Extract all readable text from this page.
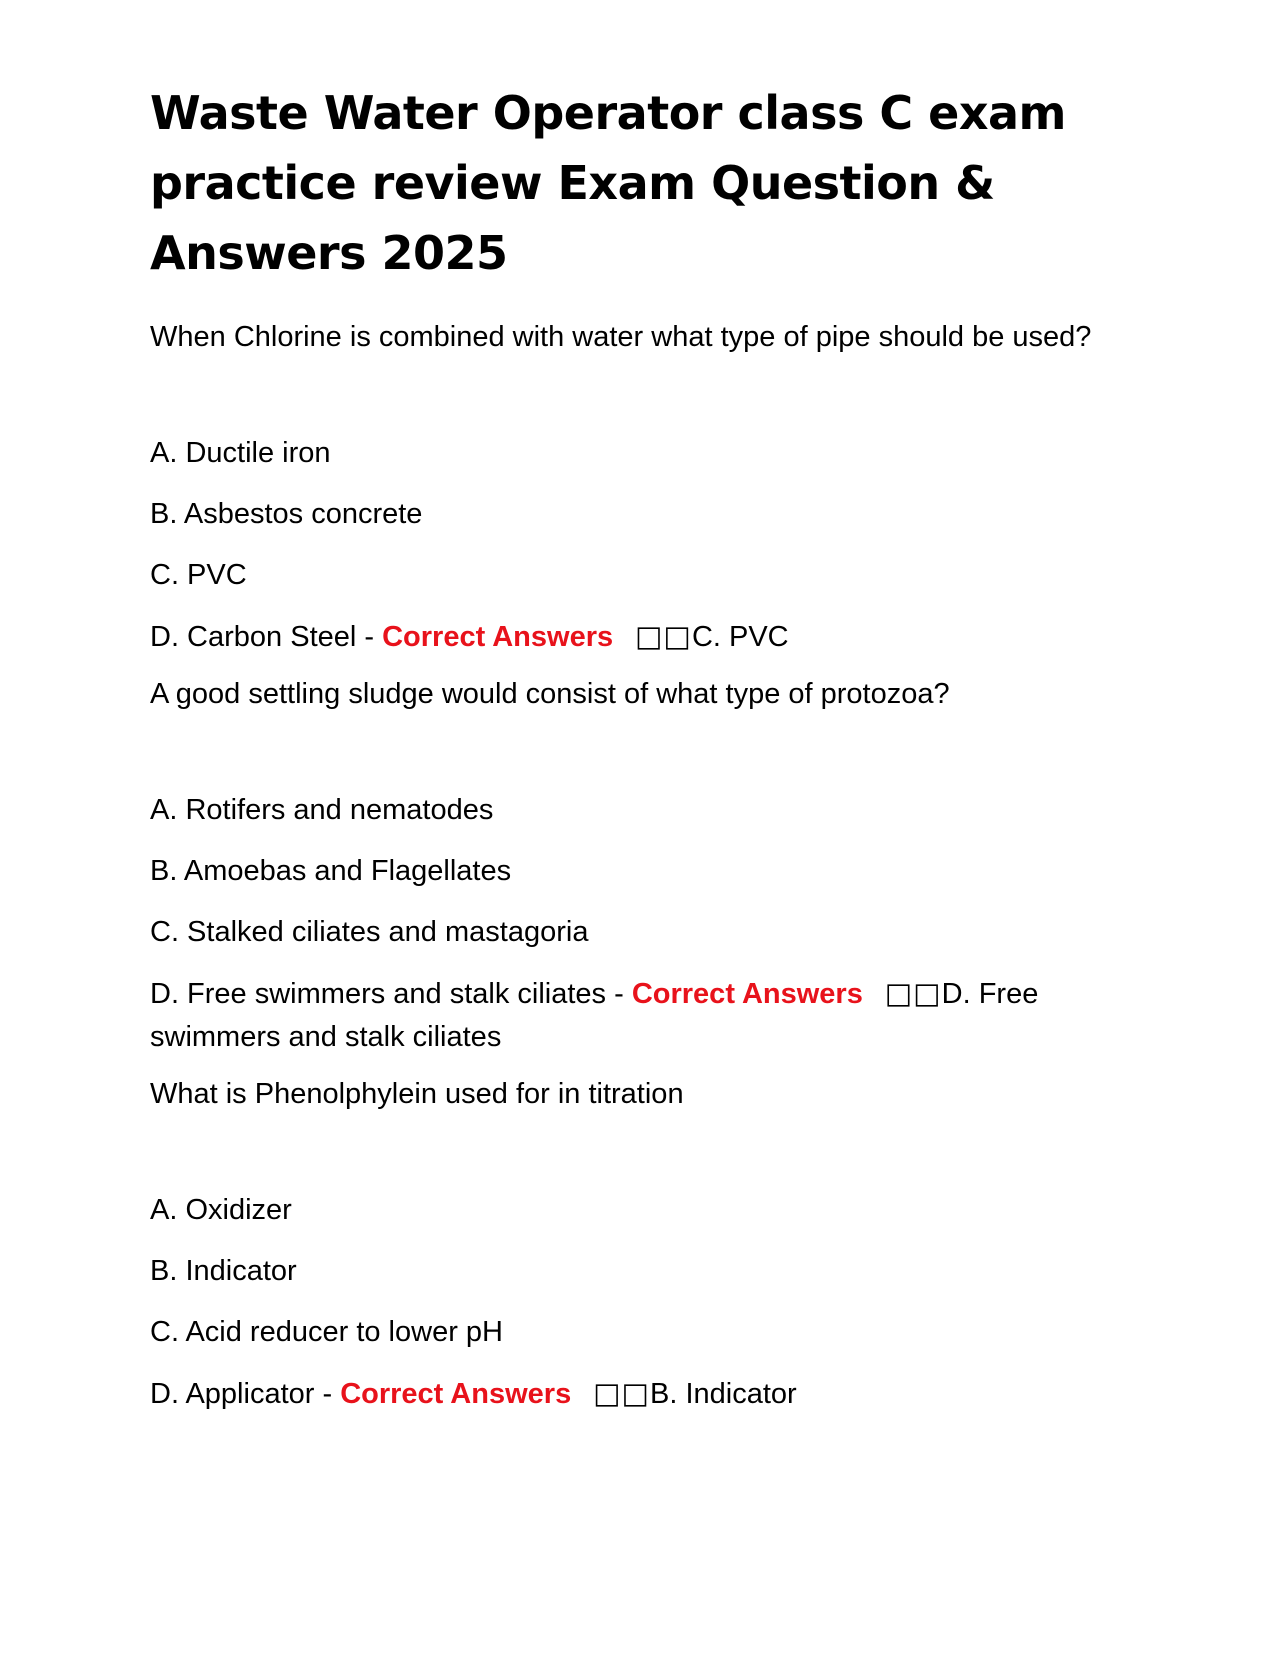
Waste Water Operator class C exam practice review Exam Question & Answers 2025

When Chlorine is combined with water what type of pipe should be used?

A. Ductile iron

B. Asbestos concrete

C. PVC

D. Carbon Steel - Correct Answers □□C. PVC

A good settling sludge would consist of what type of protozoa?

A. Rotifers and nematodes

B. Amoebas and Flagellates

C. Stalked ciliates and mastagoria

D. Free swimmers and stalk ciliates - Correct Answers □□D. Free swimmers and stalk ciliates

What is Phenolphylein used for in titration

A. Oxidizer

B. Indicator

C. Acid reducer to lower pH

D. Applicator - Correct Answers □□B. Indicator
